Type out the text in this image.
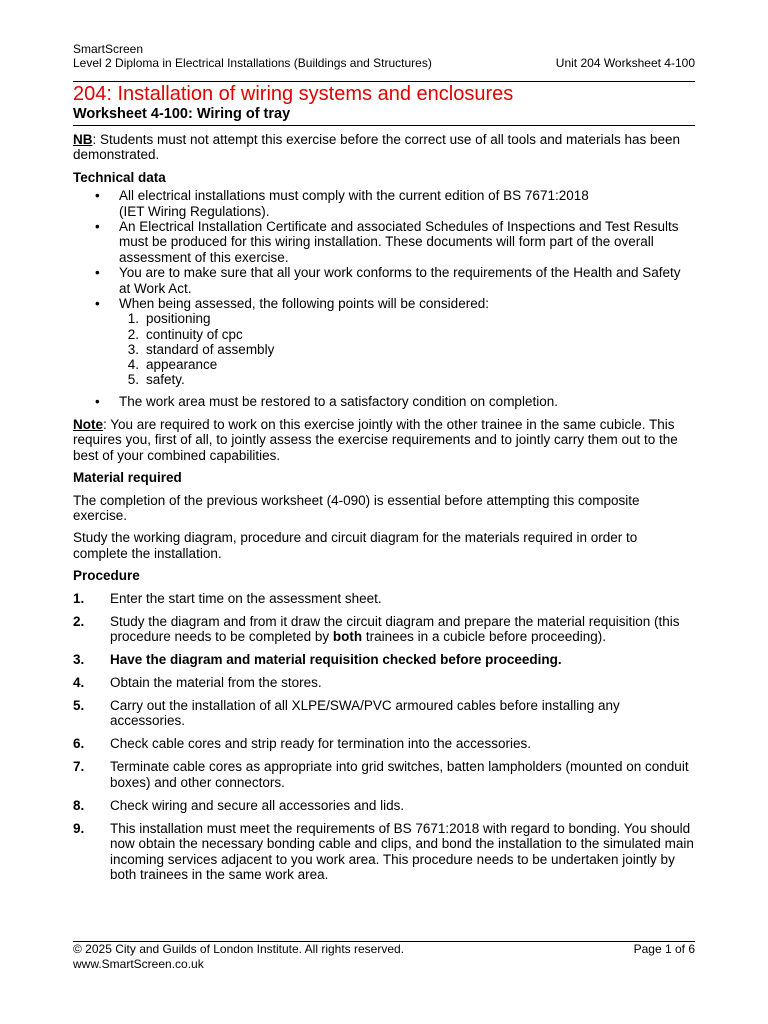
SmartScreen
Level 2 Diploma in Electrical Installations (Buildings and Structures)	Unit 204 Worksheet 4-100
204: Installation of wiring systems and enclosures
Worksheet 4-100: Wiring of tray

NB: Students must not attempt this exercise before the correct use of all tools and materials has been demonstrated.

Technical data
• All electrical installations must comply with the current edition of BS 7671:2018
(IET Wiring Regulations).
• An Electrical Installation Certificate and associated Schedules of Inspections and Test Results must be produced for this wiring installation. These documents will form part of the overall assessment of this exercise.
• You are to make sure that all your work conforms to the requirements of the Health and Safety at Work Act.
• When being assessed, the following points will be considered:
1. positioning
2. continuity of cpc
3. standard of assembly
4. appearance
5. safety.
• The work area must be restored to a satisfactory condition on completion.

Note: You are required to work on this exercise jointly with the other trainee in the same cubicle. This requires you, first of all, to jointly assess the exercise requirements and to jointly carry them out to the best of your combined capabilities.

Material required

The completion of the previous worksheet (4-090) is essential before attempting this composite exercise.

Study the working diagram, procedure and circuit diagram for the materials required in order to complete the installation.

Procedure
1. Enter the start time on the assessment sheet.
2. Study the diagram and from it draw the circuit diagram and prepare the material requisition (this procedure needs to be completed by both trainees in a cubicle before proceeding).
3. Have the diagram and material requisition checked before proceeding.
4. Obtain the material from the stores.
5. Carry out the installation of all XLPE/SWA/PVC armoured cables before installing any accessories.
6. Check cable cores and strip ready for termination into the accessories.
7. Terminate cable cores as appropriate into grid switches, batten lampholders (mounted on conduit boxes) and other connectors.
8. Check wiring and secure all accessories and lids.
9. This installation must meet the requirements of BS 7671:2018 with regard to bonding. You should now obtain the necessary bonding cable and clips, and bond the installation to the simulated main incoming services adjacent to you work area. This procedure needs to be undertaken jointly by both trainees in the same work area.
© 2025 City and Guilds of London Institute. All rights reserved.
www.SmartScreen.co.uk
Page 1 of 6
